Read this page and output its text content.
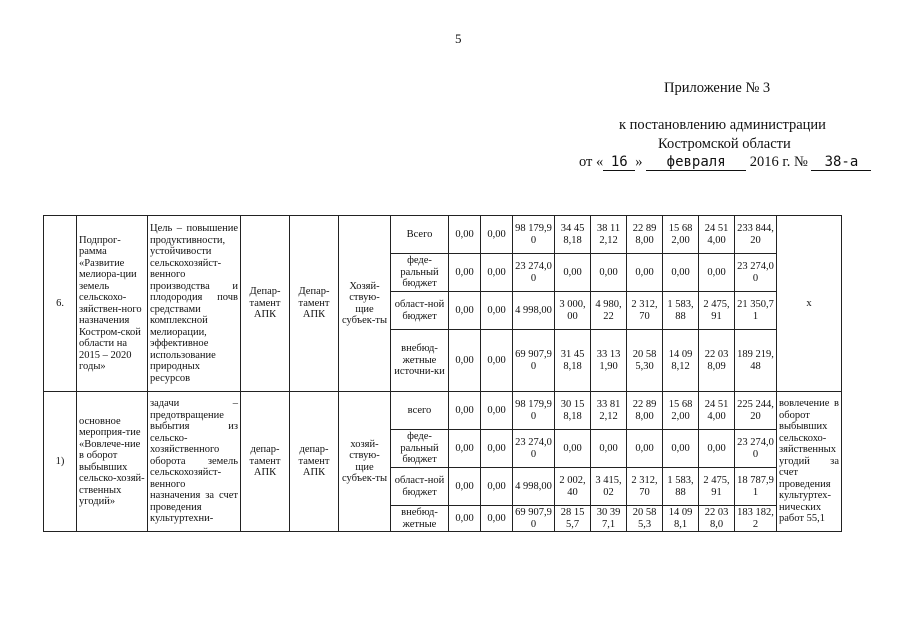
5
Приложение № 3
к постановлению администрации
Костромской области
от « 16 » февраля 2016 г. № 38-а
6.	Подпрог-рамма «Развитие мелиора-ции земель сельскохо-зяйствен-ного назначения Костром-ской области на 2015 – 2020 годы»	Цель – повышение продуктивности, устойчивости сельскохозяйст-венного производства и плодородия почв средствами комплексной мелиорации, эффективное использование природных ресурсов	Депар-тамент АПК	Депар-тамент АПК	Хозяй-ствую-щие субъек-ты	Всего	0,00	0,00	98 179,90	34 458,18	38 112,12	22 898,00	15 682,00	24 514,00	233 844,20	х
						феде-ральный бюджет	0,00	0,00	23 274,00	0,00	0,00	0,00	0,00	0,00	23 274,00	
						област-ной бюджет	0,00	0,00	4 998,00	3 000,00	4 980,22	2 312,70	1 583,88	2 475,91	21 350,71	
						внебюд-жетные источни-ки	0,00	0,00	69 907,90	31 458,18	33 131,90	20 585,30	14 098,12	22 038,09	189 219,48	
1)	основное мероприя-тие «Вовлече-ние в оборот выбывших сельско-хозяй-ственных угодий»	задачи – предотвращение выбытия из сельско-хозяйственного оборота земель сельскохозяйст-венного назначения за счет проведения культуртехни-	депар-тамент АПК	депар-тамент АПК	хозяй-ствую-щие субъек-ты	всего	0,00	0,00	98 179,90	30 158,18	33 812,12	22 898,00	15 682,00	24 514,00	225 244,20	вовлечение в оборот выбывших сельскохо-зяйственных угодий за счет проведения культуртех-нических работ 55,1
						феде-ральный бюджет	0,00	0,00	23 274,00	0,00	0,00	0,00	0,00	0,00	23 274,00	
						област-ной бюджет	0,00	0,00	4 998,00	2 002,40	3 415,02	2 312,70	1 583,88	2 475,91	18 787,91	
						внебюд-жетные	0,00	0,00	69 907,90	28 155,7	30 397,1	20 585,3	14 098,1	22 038,0	183 182,2	
